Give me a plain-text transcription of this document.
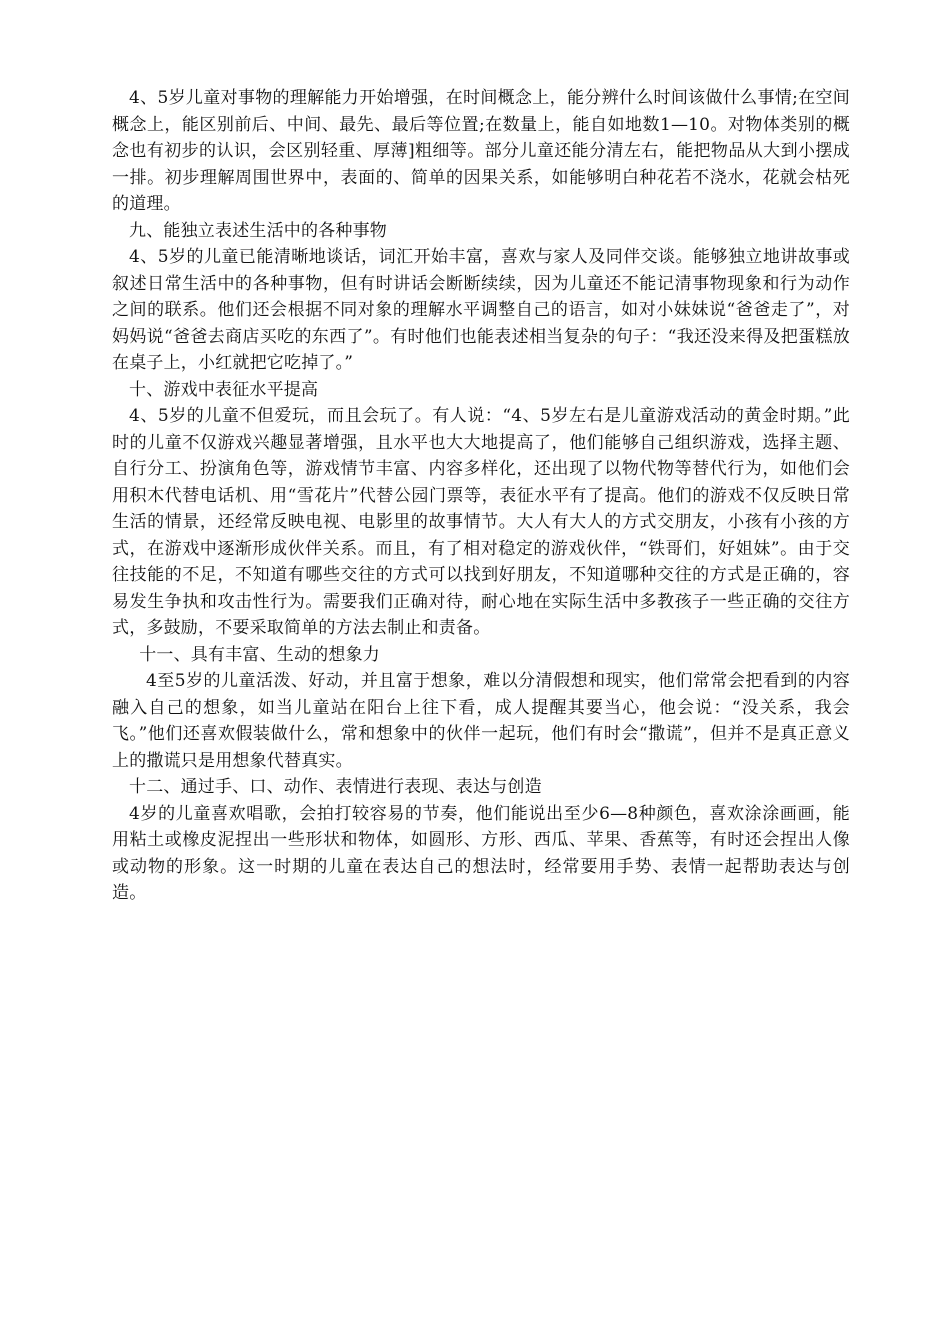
4、5岁儿童对事物的理解能力开始增强，在时间概念上，能分辨什么时间该做什么事情;在空间概念上，能区别前后、中间、最先、最后等位置;在数量上，能自如地数1—10。对物体类别的概念也有初步的认识，会区别轻重、厚薄]粗细等。部分儿童还能分清左右，能把物品从大到小摆成一排。初步理解周围世界中，表面的、简单的因果关系，如能够明白种花若不浇水，花就会枯死的道理。

九、能独立表述生活中的各种事物

4、5岁的儿童已能清晰地谈话，词汇开始丰富，喜欢与家人及同伴交谈。能够独立地讲故事或叙述日常生活中的各种事物，但有时讲话会断断续续，因为儿童还不能记清事物现象和行为动作之间的联系。他们还会根据不同对象的理解水平调整自己的语言，如对小妹妹说“爸爸走了”，对妈妈说“爸爸去商店买吃的东西了”。有时他们也能表述相当复杂的句子：“我还没来得及把蛋糕放在桌子上，小红就把它吃掉了。”

十、游戏中表征水平提高

4、5岁的儿童不但爱玩，而且会玩了。有人说：“4、5岁左右是儿童游戏活动的黄金时期。”此时的儿童不仅游戏兴趣显著增强，且水平也大大地提高了，他们能够自己组织游戏，选择主题、自行分工、扮演角色等，游戏情节丰富、内容多样化，还出现了以物代物等替代行为，如他们会用积木代替电话机、用“雪花片”代替公园门票等，表征水平有了提高。他们的游戏不仅反映日常生活的情景，还经常反映电视、电影里的故事情节。大人有大人的方式交朋友，小孩有小孩的方式，在游戏中逐渐形成伙伴关系。而且，有了相对稳定的游戏伙伴，“铁哥们，好姐妹”。由于交往技能的不足，不知道有哪些交往的方式可以找到好朋友，不知道哪种交往的方式是正确的，容易发生争执和攻击性行为。需要我们正确对待，耐心地在实际生活中多教孩子一些正确的交往方式，多鼓励，不要采取简单的方法去制止和责备。

十一、具有丰富、生动的想象力

4至5岁的儿童活泼、好动，并且富于想象，难以分清假想和现实，他们常常会把看到的内容融入自己的想象，如当儿童站在阳台上往下看，成人提醒其要当心，他会说：“没关系，我会飞。”他们还喜欢假装做什么，常和想象中的伙伴一起玩，他们有时会“撒谎”，但并不是真正意义上的撒谎只是用想象代替真实。

十二、通过手、口、动作、表情进行表现、表达与创造

4岁的儿童喜欢唱歌，会拍打较容易的节奏，他们能说出至少6—8种颜色，喜欢涂涂画画，能用粘土或橡皮泥捏出一些形状和物体，如圆形、方形、西瓜、苹果、香蕉等，有时还会捏出人像或动物的形象。这一时期的儿童在表达自己的想法时，经常要用手势、表情一起帮助表达与创造。
